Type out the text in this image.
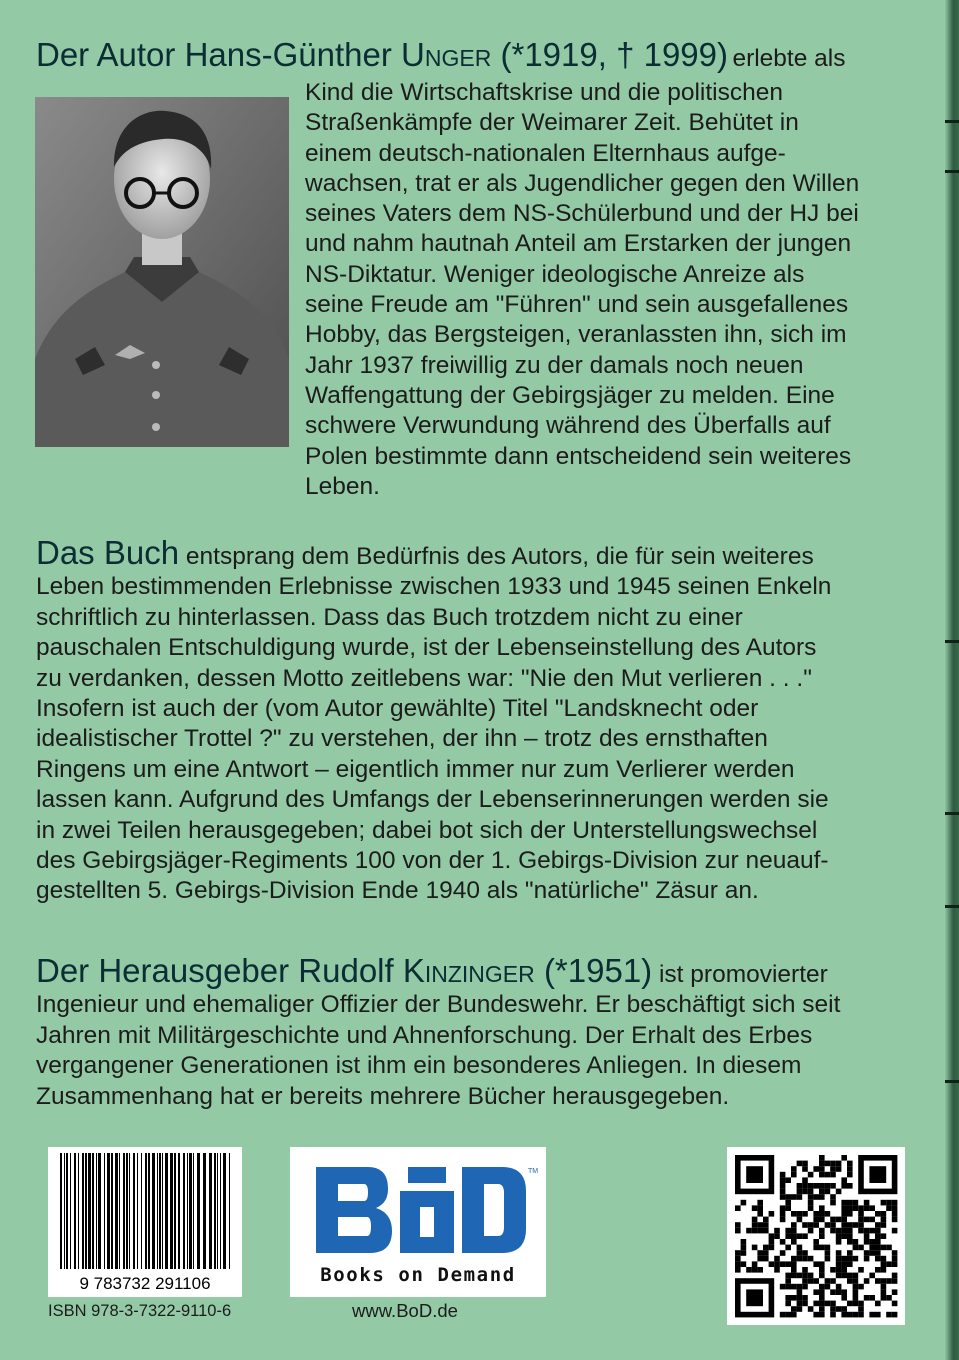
Der Autor Hans-Günther Unger (*1919, † 1999) erlebte als
Kind die Wirtschaftskrise und die politischen
Straßenkämpfe der Weimarer Zeit. Behütet in
einem deutsch-nationalen Elternhaus aufge-
wachsen, trat er als Jugendlicher gegen den Willen
seines Vaters dem NS-Schülerbund und der HJ bei
und nahm hautnah Anteil am Erstarken der jungen
NS-Diktatur. Weniger ideologische Anreize als
seine Freude am "Führen" und sein ausgefallenes
Hobby, das Bergsteigen, veranlassten ihn, sich im
Jahr 1937 freiwillig zu der damals noch neuen
Waffengattung der Gebirgsjäger zu melden. Eine
schwere Verwundung während des Überfalls auf
Polen bestimmte dann entscheidend sein weiteres
Leben.
Das Buch entsprang dem Bedürfnis des Autors, die für sein weiteres
Leben bestimmenden Erlebnisse zwischen 1933 und 1945 seinen Enkeln
schriftlich zu hinterlassen. Dass das Buch trotzdem nicht zu einer
pauschalen Entschuldigung wurde, ist der Lebenseinstellung des Autors
zu verdanken, dessen Motto zeitlebens war: "Nie den Mut verlieren . . ."
Insofern ist auch der (vom Autor gewählte) Titel "Landsknecht oder
idealistischer Trottel ?" zu verstehen, der ihn – trotz des ernsthaften
Ringens um eine Antwort – eigentlich immer nur zum Verlierer werden
lassen kann. Aufgrund des Umfangs der Lebenserinnerungen werden sie
in zwei Teilen herausgegeben; dabei bot sich der Unterstellungswechsel
des Gebirgsjäger-Regiments 100 von der 1. Gebirgs-Division zur neuauf-
gestellten 5. Gebirgs-Division Ende 1940 als "natürliche" Zäsur an.
Der Herausgeber Rudolf Kinzinger (*1951) ist promovierter
Ingenieur und ehemaliger Offizier der Bundeswehr. Er beschäftigt sich seit
Jahren mit Militärgeschichte und Ahnenforschung. Der Erhalt des Erbes
vergangener Generationen ist ihm ein besonderes Anliegen. In diesem
Zusammenhang hat er bereits mehrere Bücher herausgegeben.
9 783732 291106
ISBN 978-3-7322-9110-6
TM
Books on Demand
www.BoD.de
